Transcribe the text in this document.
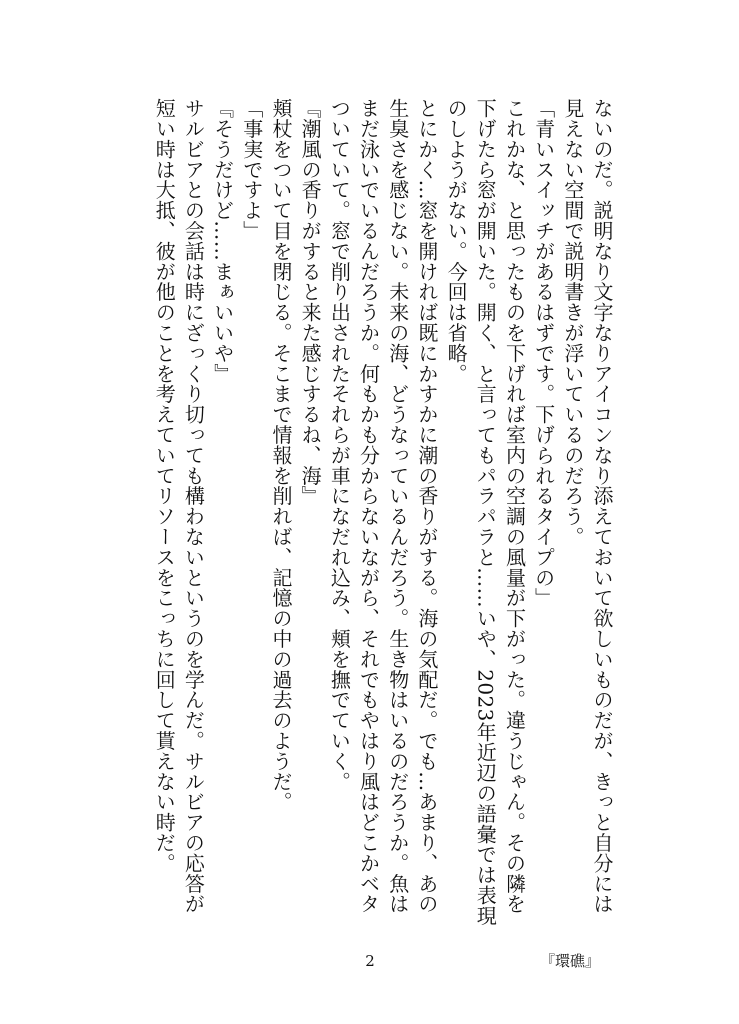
ないのだ。説明なり文字なりアイコンなり添えておいて欲しいものだが、きっと自分には
見えない空間で説明書きが浮いているのだろう。
「青いスイッチがあるはずです。下げられるタイプの」
これかな、と思ったものを下げれば室内の空調の風量が下がった。違うじゃん。その隣を
下げたら窓が開いた。開く、と言ってもパラパラと……いや、2023年近辺の語彙では表現
のしようがない。今回は省略。
とにかく…窓を開ければ既にかすかに潮の香りがする。海の気配だ。でも…あまり、あの
生臭さを感じない。未来の海、どうなっているんだろう。生き物はいるのだろうか。魚は
まだ泳いでいるんだろうか。何もかも分からないながら、それでもやはり風はどこかベタ
ついていて。窓で削り出されたそれらが車になだれ込み、頬を撫でていく。
『潮風の香りがすると来た感じするね、海』
頬杖をついて目を閉じる。そこまで情報を削れば、記憶の中の過去のようだ。
「事実ですよ」
『そうだけど……まぁいいや』
サルビアとの会話は時にざっくり切っても構わないというのを学んだ。サルビアの応答が
短い時は大抵、彼が他のことを考えていてリソースをこっちに回して貰えない時だ。
2	『環礁』
